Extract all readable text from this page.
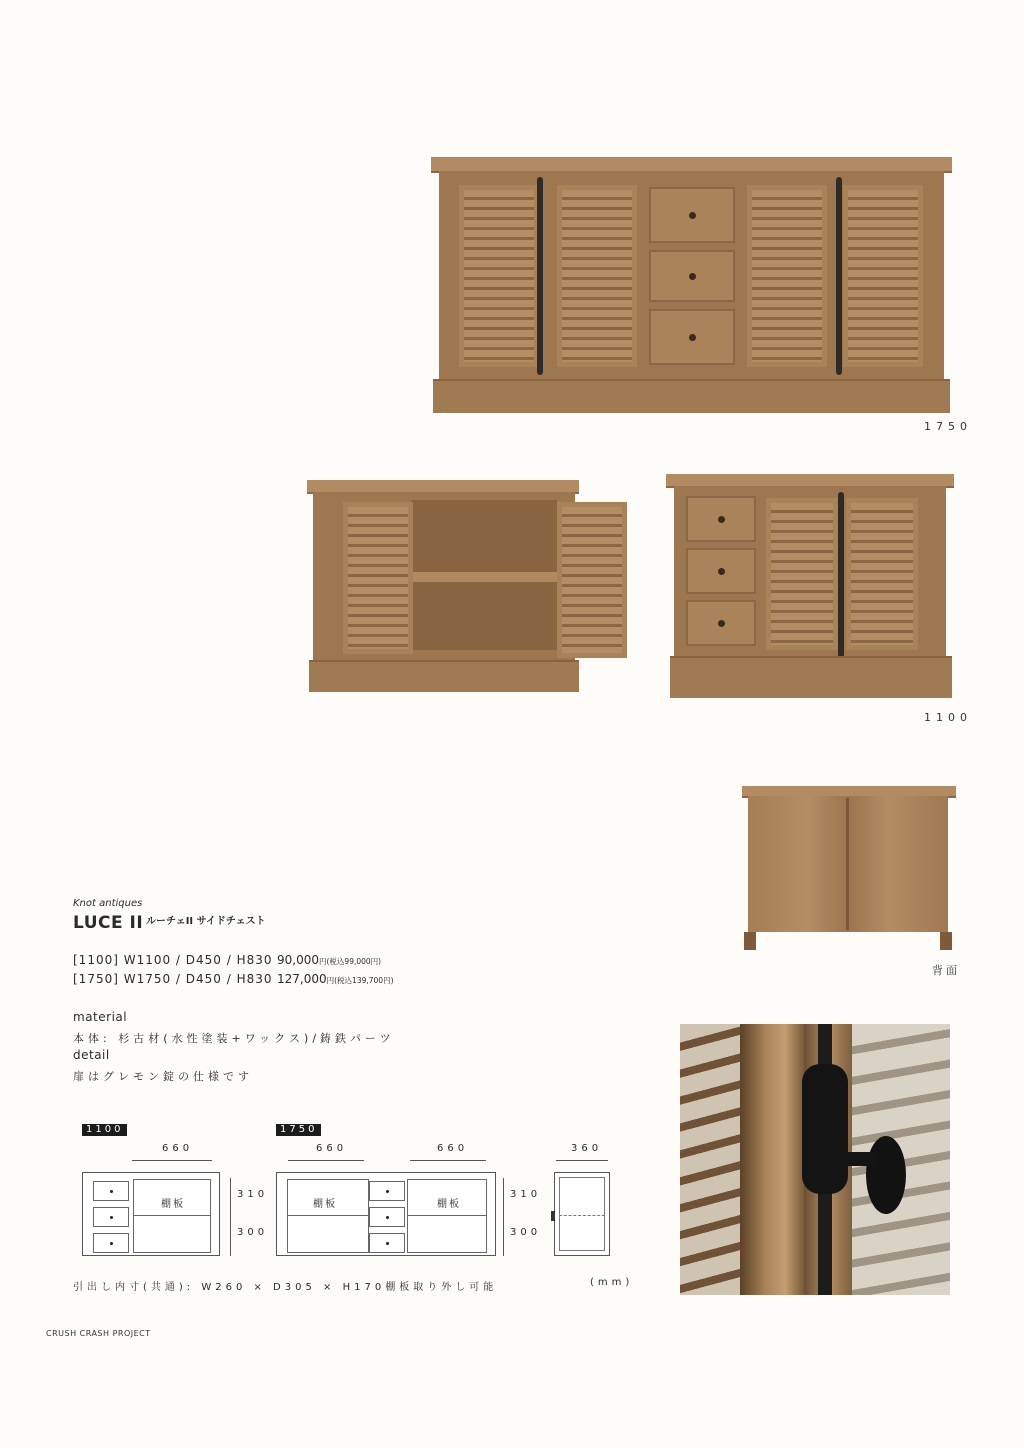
1750
1100
背面
Knot antiques
LUCE II ルーチェII サイドチェスト
[1100] W1100 / D450 / H830 90,000円(税込99,000円)
[1750] W1750 / D450 / H830 127,000円(税込139,700円)
material
本体: 杉古材(水性塗装+ワックス)/鋳鉄パーツ
detail
扉はグレモン錠の仕様です
1100
660
棚板
310
300
1750
660	660
棚板	棚板
310
300
360
引出し内寸(共通): W260 × D305 × H170棚板取り外し可能	(mm)
CRUSH CRASH PROJECT
